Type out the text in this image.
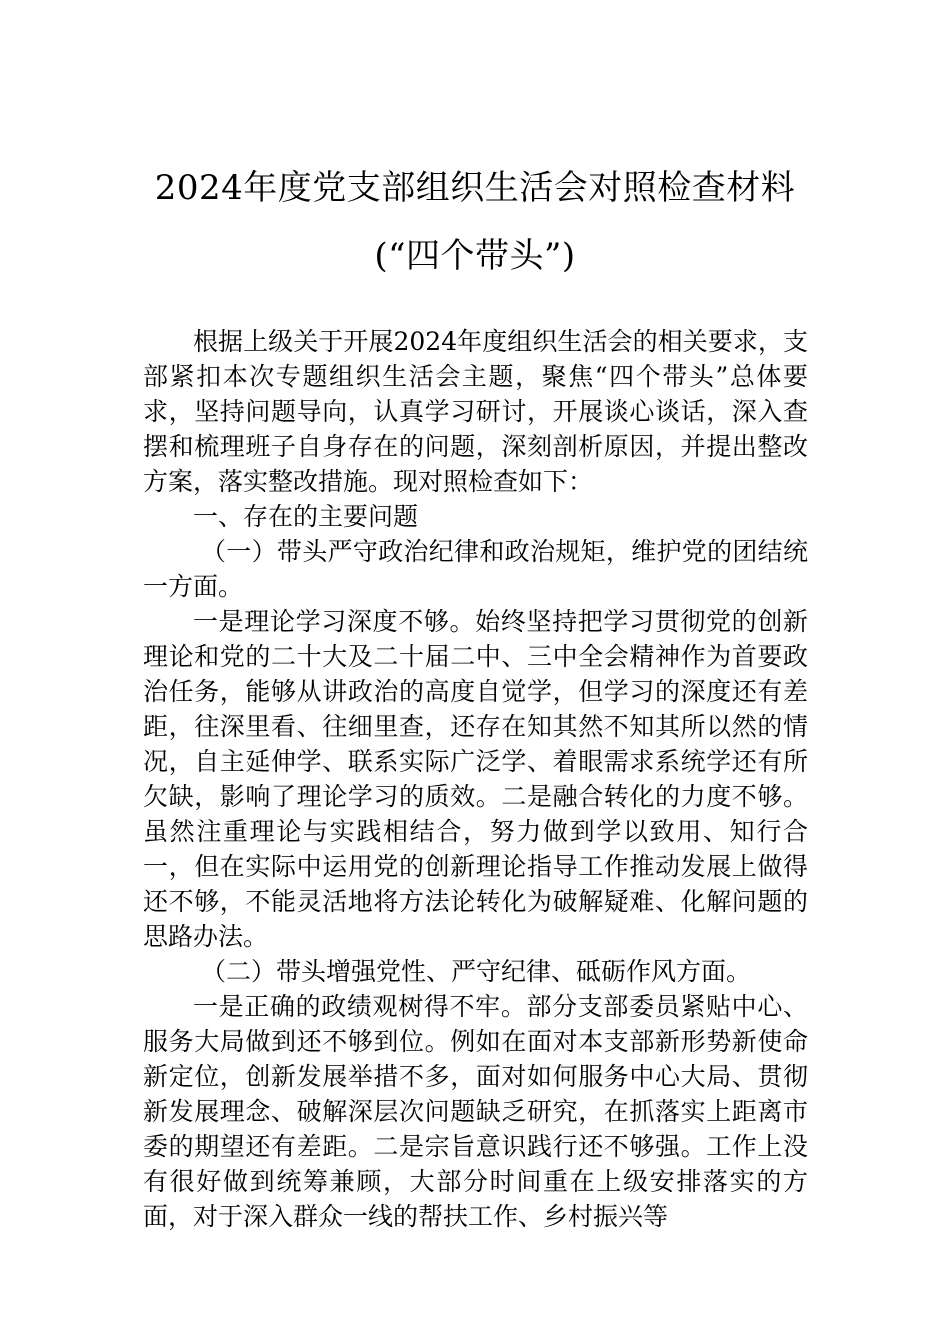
2024年度党支部组织生活会对照检查材料
(“四个带头”)

根据上级关于开展2024年度组织生活会的相关要求，支部紧扣本次专题组织生活会主题，聚焦“四个带头”总体要求，坚持问题导向，认真学习研讨，开展谈心谈话，深入查摆和梳理班子自身存在的问题，深刻剖析原因，并提出整改方案，落实整改措施。现对照检查如下：

一、存在的主要问题

（一）带头严守政治纪律和政治规矩，维护党的团结统一方面。

一是理论学习深度不够。始终坚持把学习贯彻党的创新理论和党的二十大及二十届二中、三中全会精神作为首要政治任务，能够从讲政治的高度自觉学，但学习的深度还有差距，往深里看、往细里查，还存在知其然不知其所以然的情况，自主延伸学、联系实际广泛学、着眼需求系统学还有所欠缺，影响了理论学习的质效。二是融合转化的力度不够。虽然注重理论与实践相结合，努力做到学以致用、知行合一，但在实际中运用党的创新理论指导工作推动发展上做得还不够，不能灵活地将方法论转化为破解疑难、化解问题的思路办法。

（二）带头增强党性、严守纪律、砥砺作风方面。

一是正确的政绩观树得不牢。部分支部委员紧贴中心、服务大局做到还不够到位。例如在面对本支部新形势新使命新定位，创新发展举措不多，面对如何服务中心大局、贯彻新发展理念、破解深层次问题缺乏研究，在抓落实上距离市委的期望还有差距。二是宗旨意识践行还不够强。工作上没有很好做到统筹兼顾，大部分时间重在上级安排落实的方面，对于深入群众一线的帮扶工作、乡村振兴等
